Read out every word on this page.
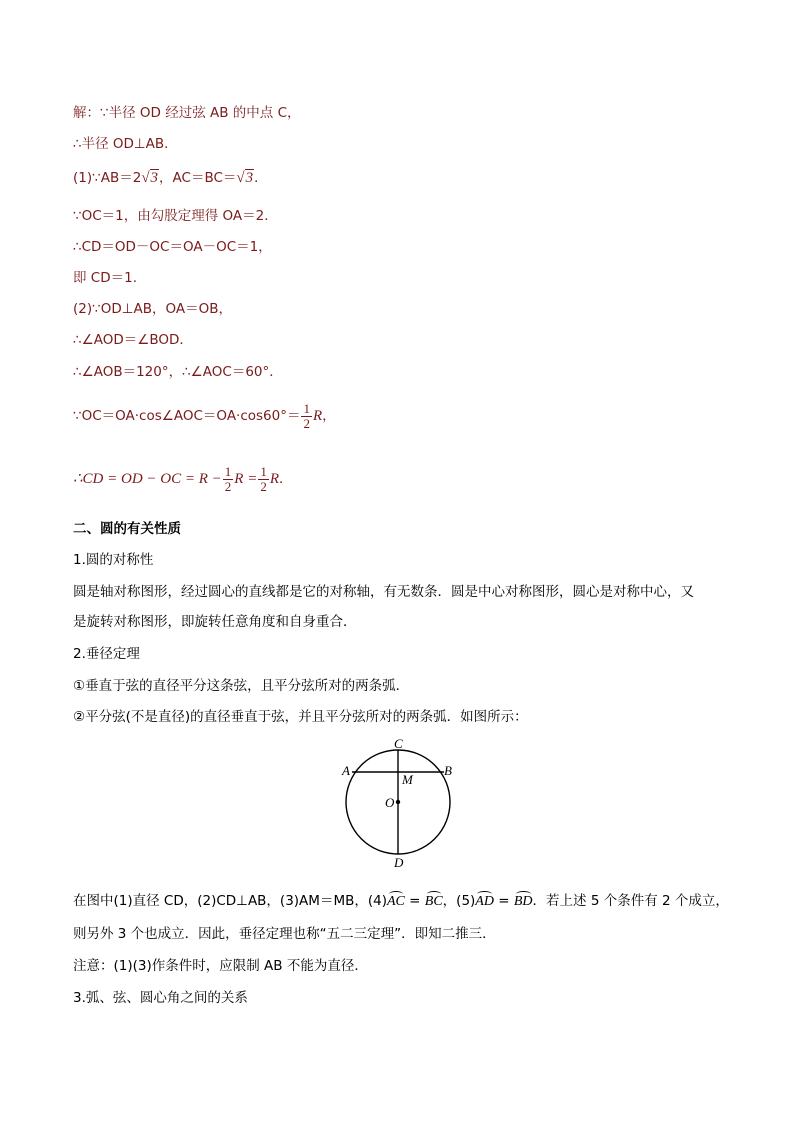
解：∵半径 OD 经过弦 AB 的中点 C，
∴半径 OD⊥AB．
(1)∵AB＝2√3，AC＝BC＝√3．
∵OC＝1，由勾股定理得 OA＝2．
∴CD＝OD－OC＝OA－OC＝1，
即 CD＝1.
(2)∵OD⊥AB，OA＝OB，
∴∠AOD＝∠BOD．
∴∠AOB＝120°，∴∠AOC＝60°．
∵OC＝OA·cos∠AOC＝OA·cos60°＝ $\frac{1}{2}$ R，
∴CD = OD − OC = $R - \frac{1}{2}$ $R = \frac{1}{2}$ R．
二、圆的有关性质
1.圆的对称性
圆是轴对称图形，经过圆心的直线都是它的对称轴，有无数条．圆是中心对称图形，圆心是对称中心，又
是旋转对称图形，即旋转任意角度和自身重合．
2.垂径定理
①垂直于弦的直径平分这条弦，且平分弦所对的两条弧．
②平分弦(不是直径)的直径垂直于弦，并且平分弦所对的两条弧．如图所示：
A	B
C
D
M
O
在图中(1)直径 CD，(2)CD⊥AB，(3)AM＝MB，(4)AC = BC，(5)AD = BD．若上述 5 个条件有 2 个成立，
则另外 3 个也成立．因此，垂径定理也称“五二三定理”．即知二推三．
注意：(1)(3)作条件时，应限制 AB 不能为直径．
3.弧、弦、圆心角之间的关系
